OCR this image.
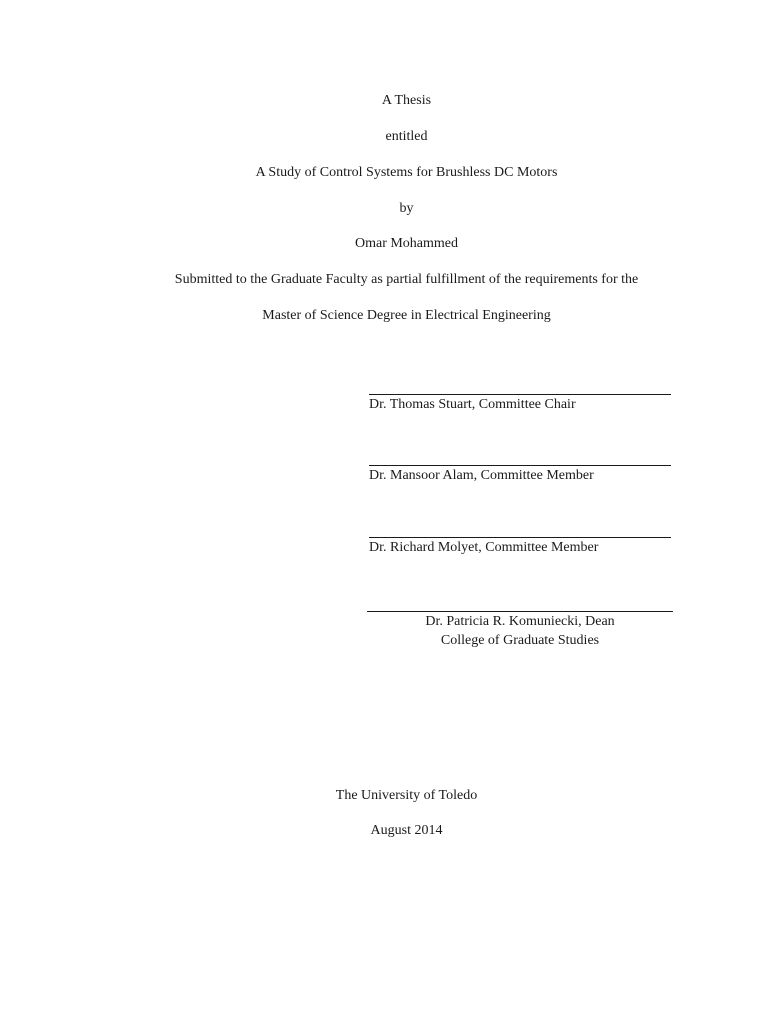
A Thesis
entitled
A Study of Control Systems for Brushless DC Motors
by
Omar Mohammed
Submitted to the Graduate Faculty as partial fulfillment of the requirements for the
Master of Science Degree in Electrical Engineering
Dr. Thomas Stuart, Committee Chair
Dr. Mansoor Alam, Committee Member
Dr. Richard Molyet, Committee Member
Dr. Patricia R. Komuniecki, Dean
College of Graduate Studies
The University of Toledo
August 2014
